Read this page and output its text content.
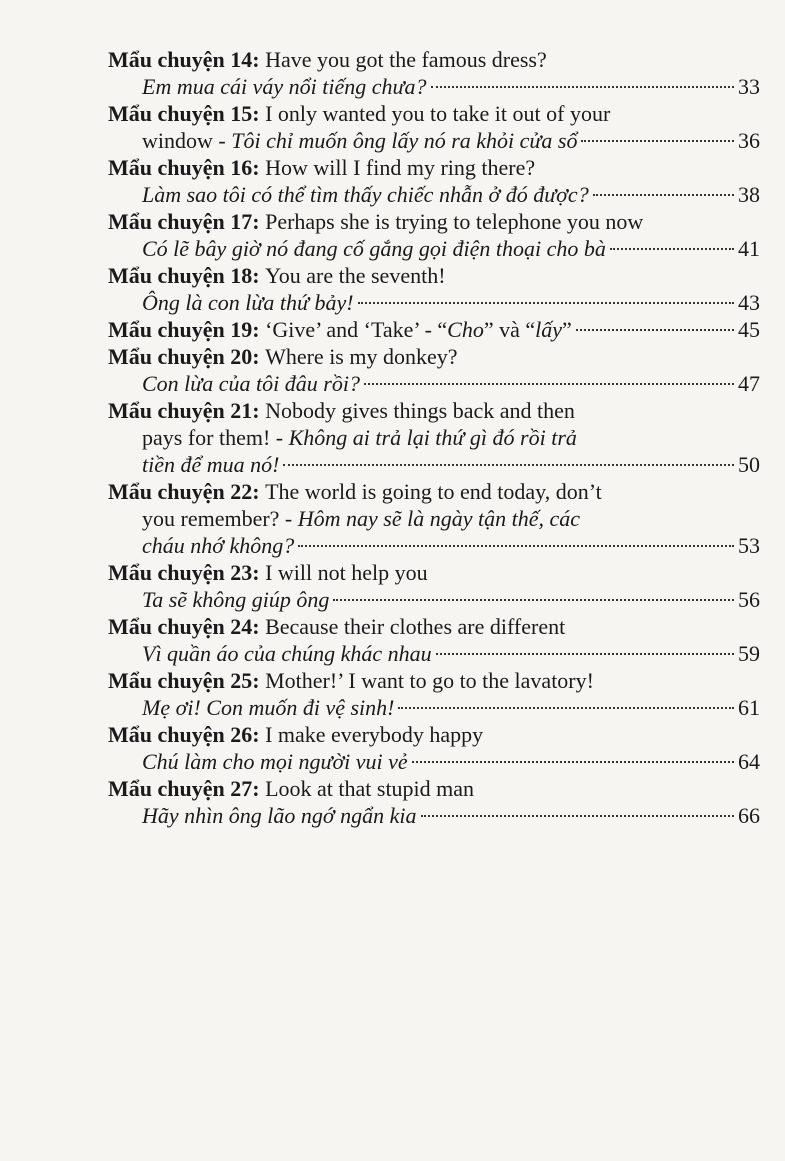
Mẩu chuyện 14 : Have you got the famous dress?
Em mua cái váy nổi tiếng chưa?	33
Mẩu chuyện 15 : I only wanted you to take it out of your
window - Tôi chỉ muốn ông lấy nó ra khỏi cửa sổ	36
Mẩu chuyện 16 : How will I find my ring there?
Làm sao tôi có thể tìm thấy chiếc nhẫn ở đó được?	38
Mẩu chuyện 17 : Perhaps she is trying to telephone you now
Có lẽ bây giờ nó đang cố gắng gọi điện thoại cho bà	41
Mẩu chuyện 18 : You are the seventh!
Ông là con lừa thứ bảy!	43
Mẩu chuyện 19 : ‘Give’ and ‘Take’ - “Cho” và “lấy”	45
Mẩu chuyện 20 : Where is my donkey?
Con lừa của tôi đâu rồi?	47
Mẩu chuyện 21 : Nobody gives things back and then
pays for them! - Không ai trả lại thứ gì đó rồi trả
tiền để mua nó!	50
Mẩu chuyện 22 : The world is going to end today, don’t
you remember? - Hôm nay sẽ là ngày tận thế, các
cháu nhớ không?	53
Mẩu chuyện 23 : I will not help you
Ta sẽ không giúp ông	56
Mẩu chuyện 24 : Because their clothes are different
Vì quần áo của chúng khác nhau	59
Mẩu chuyện 25 : Mother!’ I want to go to the lavatory!
Mẹ ơi! Con muốn đi vệ sinh!	61
Mẩu chuyện 26 : I make everybody happy
Chú làm cho mọi người vui vẻ	64
Mẩu chuyện 27 : Look at that stupid man
Hãy nhìn ông lão ngớ ngẩn kia	66
